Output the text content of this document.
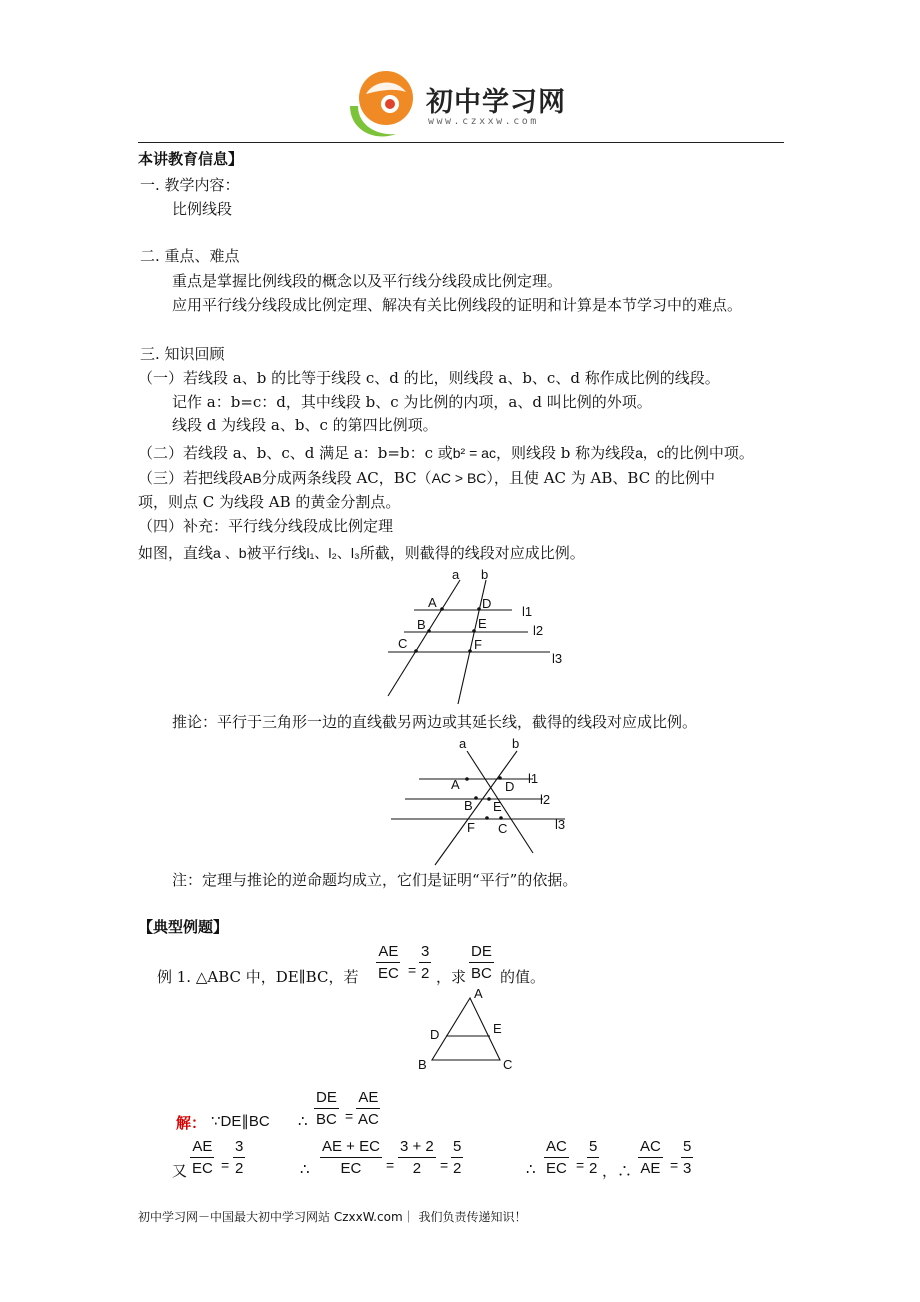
初中学习网
www.czxxw.com
本讲教育信息】
一. 教学内容：
比例线段
二. 重点、难点
重点是掌握比例线段的概念以及平行线分线段成比例定理。
应用平行线分线段成比例定理、解决有关比例线段的证明和计算是本节学习中的难点。
三. 知识回顾
（一）若线段 a、b 的比等于线段 c、d 的比，则线段 a、b、c、d 称作成比例的线段。
记作 a：b=c：d，其中线段 b、c 为比例的内项，a、d 叫比例的外项。
线段 d 为线段 a、b、c 的第四比例项。
（二）若线段 a、b、c、d 满足 a：b=b：c 或b² = ac，则线段 b 称为线段a，c的比例中项。
（三）若把线段AB分成两条线段 AC，BC（AC > BC），且使 AC 为 AB、BC 的比例中
项，则点 C 为线段 AB 的黄金分割点。
（四）补充：平行线分线段成比例定理
如图，直线a 、b被平行线l₁、l₂、l₃所截，则截得的线段对应成比例。
a b
A	D
B	E
C	F
l1
l2
l3
推论：平行于三角形一边的直线截另两边或其延长线，截得的线段对应成比例。
a	b
A	D
B E
F C
l1
l2
l3
注：定理与推论的逆命题均成立，它们是证明“平行”的依据。
【典型例题】
例 1. △ABC 中，DE∥BC，若 $\frac{AE}{EC} = \frac{3}{2}$ ，求 $\frac{DE}{BC}$ 的值。
A
D	E
B	C
解： ∵DE∥BC ∴ $\frac{DE}{BC} = \frac{AE}{AC}$
又 $\frac{AE}{EC} = \frac{3}{2}$	∴ $\frac{AE + EC}{EC} = \frac{3 + 2}{2} = \frac{5}{2}$	∴ $\frac{AC}{EC} = \frac{5}{2}$ ，∴ $\frac{AC}{AE} = \frac{5}{3}$
初中学习网－中国最大初中学习网站 CzxxW.com｜ 我们负责传递知识！
